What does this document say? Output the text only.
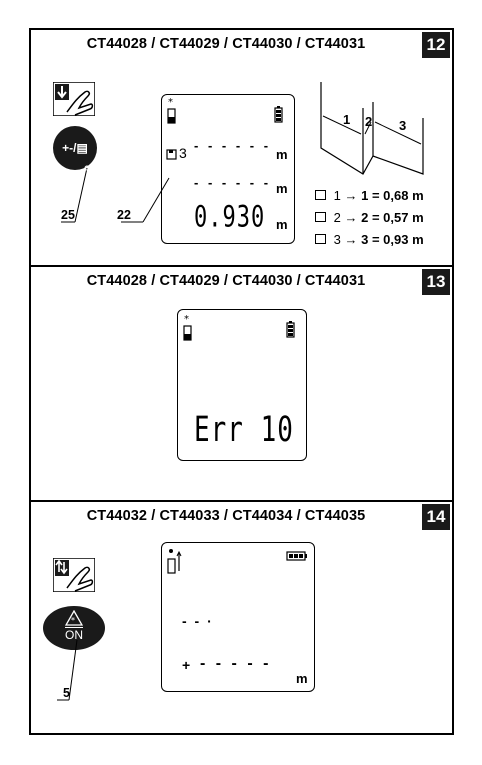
CT44028 / CT44029 / CT44030 / CT44031	12
+-/▤
25	22
*
3 - - - - - -
m
- - - - - - m
0.930 m
1 2 3
1 → 1 = 0,68 m
2 → 2 = 0,57 m
3 → 3 = 0,93 m
CT44028 / CT44029 / CT44030 / CT44031	13
*
Err 10
CT44032 / CT44033 / CT44034 / CT44035	14
*
$\overline{ON}$
5
- - ·
+ - - - - -
m
